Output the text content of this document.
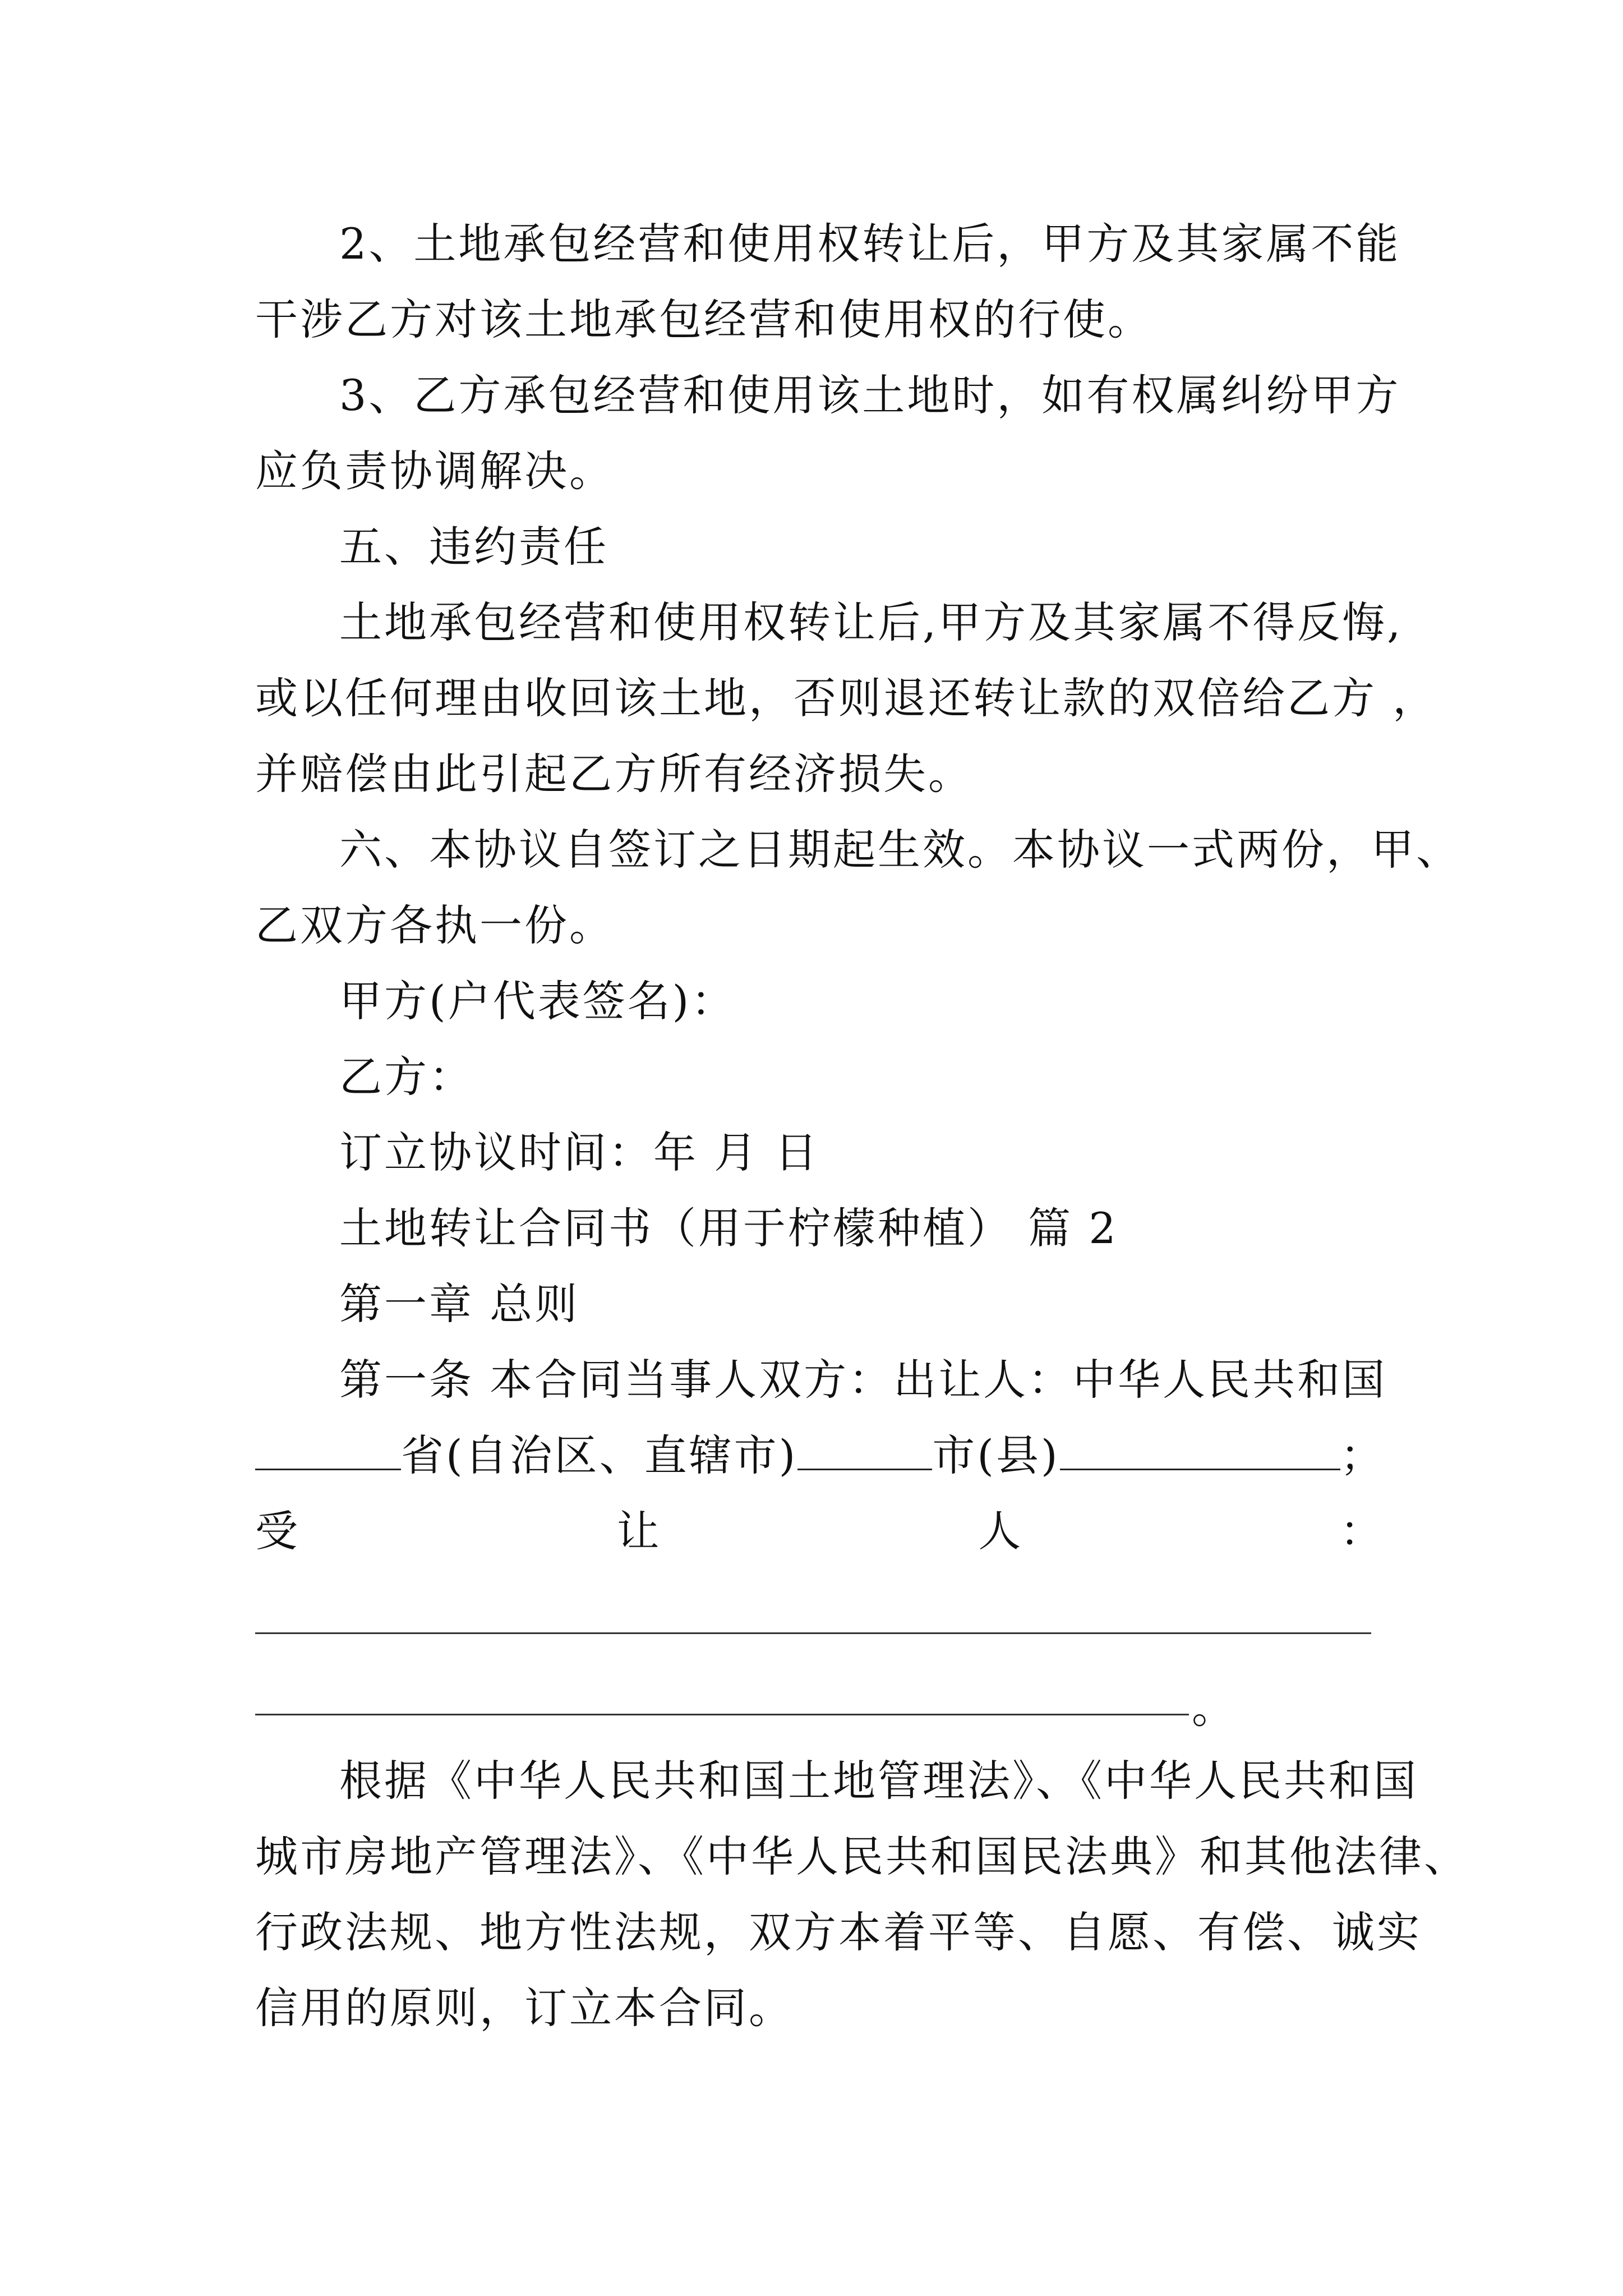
2、土地承包经营和使用权转让后，甲方及其家属不能
干涉乙方对该土地承包经营和使用权的行使。
3、乙方承包经营和使用该土地时，如有权属纠纷甲方
应负责协调解决。
五、违约责任
土地承包经营和使用权转让后,甲方及其家属不得反悔,
或以任何理由收回该土地，否则退还转让款的双倍给乙方 ，
并赔偿由此引起乙方所有经济损失。
六、本协议自签订之日期起生效。本协议一式两份，甲、
乙双方各执一份。
甲方(户代表签名)：
乙方：
订立协议时间：年 月 日
土地转让合同书（用于柠檬种植） 篇 2
第一章 总则
第一条 本合同当事人双方：出让人：中华人民共和国
省(自治区、直辖市)	市(县)	；
受	让	人	：
。
根据《中华人民共和国土地管理法》、《中华人民共和国
城市房地产管理法》、《中华人民共和国民法典》和其他法律、
行政法规、地方性法规，双方本着平等、自愿、有偿、诚实
信用的原则，订立本合同。
